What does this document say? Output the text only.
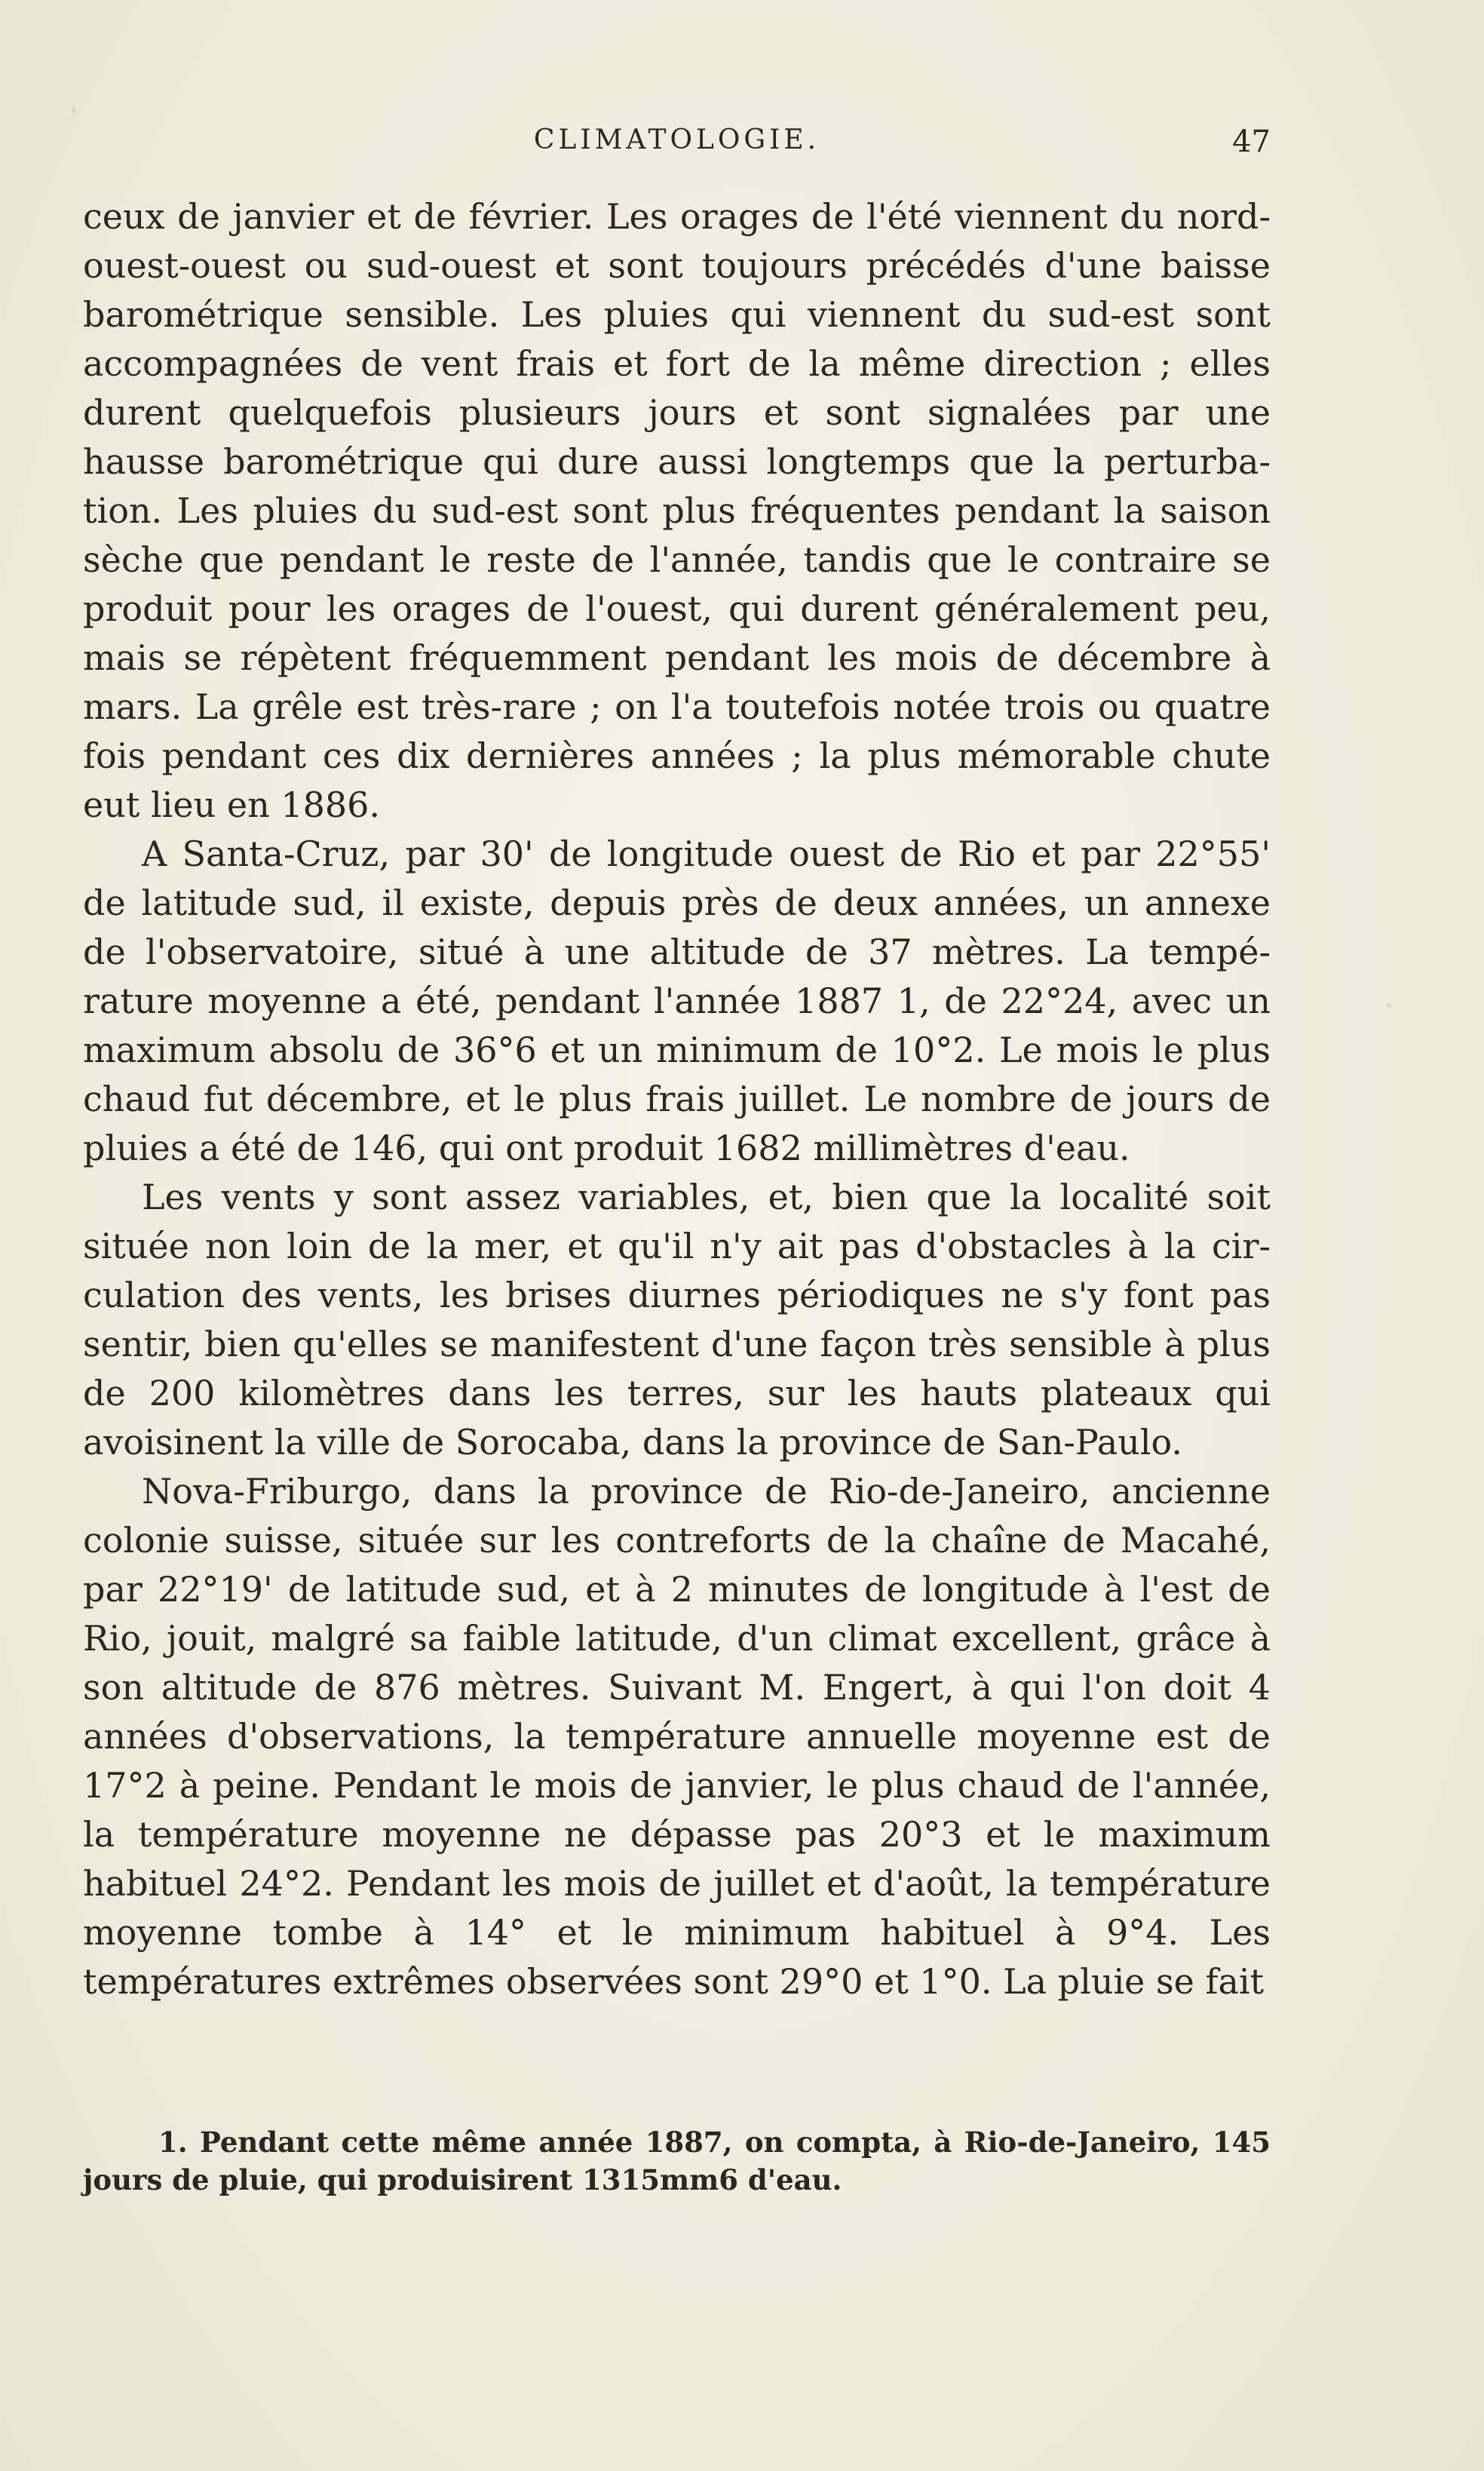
CLIMATOLOGIE.	47

ceux de janvier et de février. Les orages de l'été viennent du nord-ouest-ouest ou sud-ouest et sont toujours précédés d'une baisse barométrique sensible. Les pluies qui viennent du sud-est sont accompagnées de vent frais et fort de la même direction ; elles durent quelquefois plusieurs jours et sont signalées par une hausse barométrique qui dure aussi longtemps que la perturbation. Les pluies du sud-est sont plus fréquentes pendant la saison sèche que pendant le reste de l'année, tandis que le contraire se produit pour les orages de l'ouest, qui durent généralement peu, mais se répètent fréquemment pendant les mois de décembre à mars. La grêle est très-rare ; on l'a toutefois notée trois ou quatre fois pendant ces dix dernières années ; la plus mémorable chute eut lieu en 1886.

A Santa-Cruz, par 30' de longitude ouest de Rio et par 22°55' de latitude sud, il existe, depuis près de deux années, un annexe de l'observatoire, situé à une altitude de 37 mètres. La température moyenne a été, pendant l'année 1887 1, de 22°24, avec un maximum absolu de 36°6 et un minimum de 10°2. Le mois le plus chaud fut décembre, et le plus frais juillet. Le nombre de jours de pluies a été de 146, qui ont produit 1682 millimètres d'eau.

Les vents y sont assez variables, et, bien que la localité soit située non loin de la mer, et qu'il n'y ait pas d'obstacles à la circulation des vents, les brises diurnes périodiques ne s'y font pas sentir, bien qu'elles se manifestent d'une façon très sensible à plus de 200 kilomètres dans les terres, sur les hauts plateaux qui avoisinent la ville de Sorocaba, dans la province de San-Paulo.

Nova-Friburgo, dans la province de Rio-de-Janeiro, ancienne colonie suisse, située sur les contreforts de la chaîne de Macahé, par 22°19' de latitude sud, et à 2 minutes de longitude à l'est de Rio, jouit, malgré sa faible latitude, d'un climat excellent, grâce à son altitude de 876 mètres. Suivant M. Engert, à qui l'on doit 4 années d'observations, la température annuelle moyenne est de 17°2 à peine. Pendant le mois de janvier, le plus chaud de l'année, la température moyenne ne dépasse pas 20°3 et le maximum habituel 24°2. Pendant les mois de juillet et d'août, la température moyenne tombe à 14° et le minimum habituel à 9°4. Les températures extrêmes observées sont 29°0 et 1°0. La pluie se fait

1. Pendant cette même année 1887, on compta, à Rio-de-Janeiro, 145 jours de pluie, qui produisirent 1315mm6 d'eau.
